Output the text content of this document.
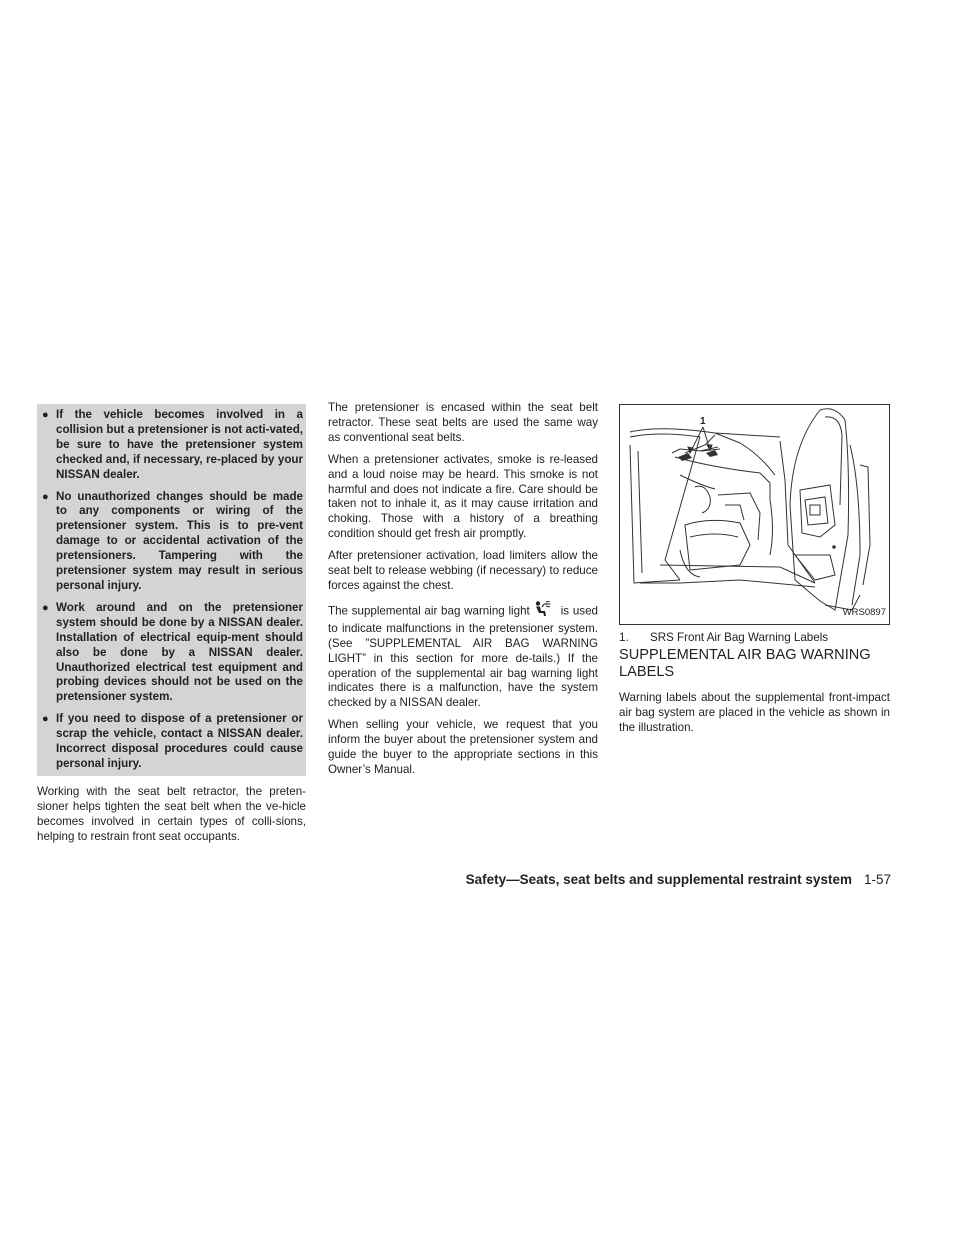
● If the vehicle becomes involved in a collision but a pretensioner is not acti-vated, be sure to have the pretensioner system checked and, if necessary, re-placed by your NISSAN dealer.
● No unauthorized changes should be made to any components or wiring of the pretensioner system. This is to pre-vent damage to or accidental activation of the pretensioners. Tampering with the pretensioner system may result in serious personal injury.
● Work around and on the pretensioner system should be done by a NISSAN dealer. Installation of electrical equip-ment should also be done by a NISSAN dealer. Unauthorized electrical test equipment and probing devices should not be used on the pretensioner system.
● If you need to dispose of a pretensioner or scrap the vehicle, contact a NISSAN dealer. Incorrect disposal procedures could cause personal injury.

Working with the seat belt retractor, the preten-sioner helps tighten the seat belt when the ve-hicle becomes involved in certain types of colli-sions, helping to restrain front seat occupants.

The pretensioner is encased within the seat belt retractor. These seat belts are used the same way as conventional seat belts.

When a pretensioner activates, smoke is re-leased and a loud noise may be heard. This smoke is not harmful and does not indicate a fire. Care should be taken not to inhale it, as it may cause irritation and choking. Those with a history of a breathing condition should get fresh air promptly.

After pretensioner activation, load limiters allow the seat belt to release webbing (if necessary) to reduce forces against the chest.

The supplemental air bag warning light	is used to indicate malfunctions in the pretensioner system. (See ”SUPPLEMENTAL AIR BAG WARNING LIGHT” in this section for more de-tails.) If the operation of the supplemental air bag warning light indicates there is a malfunction, have the system checked by a NISSAN dealer.

When selling your vehicle, we request that you inform the buyer about the pretensioner system and guide the buyer to the appropriate sections in this Owner’s Manual.

1
WRS0897
1.	SRS Front Air Bag Warning Labels
SUPPLEMENTAL AIR BAG WARNING LABELS

Warning labels about the supplemental front-impact air bag system are placed in the vehicle as shown in the illustration.

Safety—Seats, seat belts and supplemental restraint system 1-57
